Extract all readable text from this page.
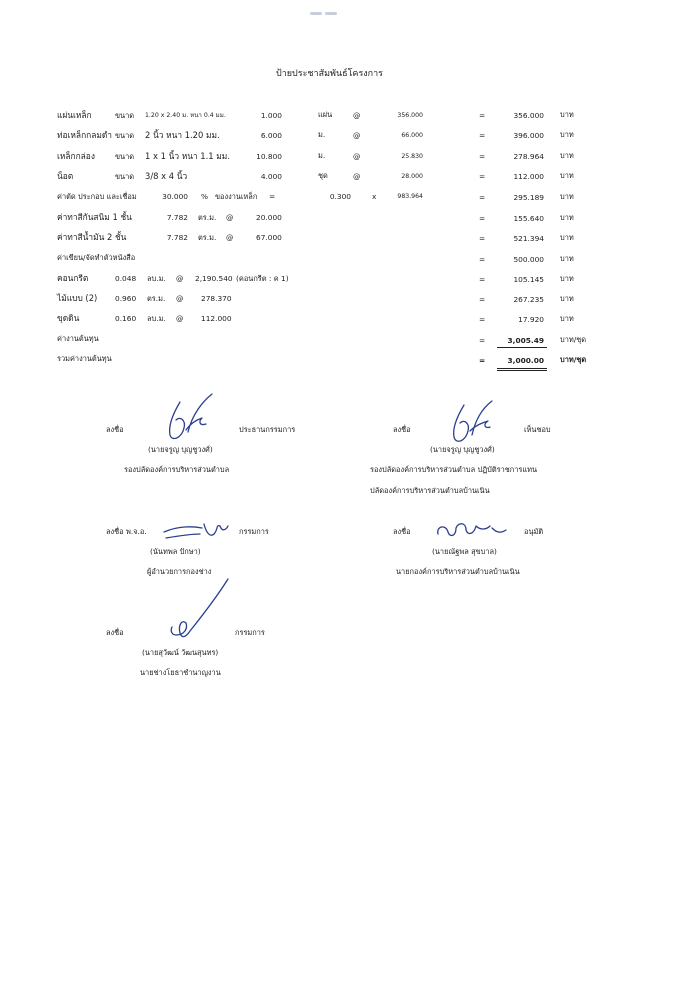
ป้ายประชาสัมพันธ์โครงการ
แผ่นเหล็ก	ขนาด 1.20 x 2.40 ม. หนา 0.4 มม.	1.000	แผ่น	@	356.000	=	356.000 บาท
ท่อเหล็กกลมดำ ขนาด 2 นิ้ว หนา 1.20 มม.	6.000	ม.	@	66.000	=	396.000 บาท
เหล็กกล่อง	ขนาด 1 x 1 นิ้ว หนา 1.1 มม.	10.800	ม.	@	25.830	=	278.964 บาท
น็อต	ขนาด 3/8 x 4 นิ้ว	4.000	ชุด	@	28.000	=	112.000 บาท
ค่าตัด ประกอบ และเชื่อม	30.000 % ของงานเหล็ก =	0.300	x	983.964	=	295.189 บาท
ค่าทาสีกันสนิม 1 ชั้น	7.782 ตร.ม. @	20.000	=	155.640 บาท
ค่าทาสีน้ำมัน 2 ชั้น	7.782 ตร.ม. @	67.000	=	521.394 บาท
ค่าเขียน/จัดทำตัวหนังสือ	=	500.000 บาท
คอนกรีต	0.048 ลบ.ม. @ 2,190.540 (คอนกรีต : ค 1)	=	105.145 บาท
ไม้แบบ (2) 0.960 ตร.ม. @ 278.370	=	267.235 บาท
ขุดดิน	0.160 ลบ.ม. @ 112.000	=	17.920 บาท
ค่างานต้นทุน	=	3,005.49 บาท/ชุด
รวมค่างานต้นทุน	=	3,000.00 บาท/ชุด
ลงชื่อ	ประธานกรรมการ
(นายจรูญ บุญชูวงศ์)
รองปลัดองค์การบริหารส่วนตำบล
ลงชื่อ	เห็นชอบ
(นายจรูญ บุญชูวงศ์)
รองปลัดองค์การบริหารส่วนตำบล ปฏิบัติราชการแทน
ปลัดองค์การบริหารส่วนตำบลบ้านเนิน
ลงชื่อ พ.จ.อ.	กรรมการ
(นันทพล ปักษา)
ผู้อำนวยการกองช่าง
ลงชื่อ	อนุมัติ
(นายณัฐพล สุขบาล)
นายกองค์การบริหารส่วนตำบลบ้านเนิน
ลงชื่อ	กรรมการ
(นายสุวัฒน์ วัฒนสุนทร)
นายช่างโยธาชำนาญงาน
